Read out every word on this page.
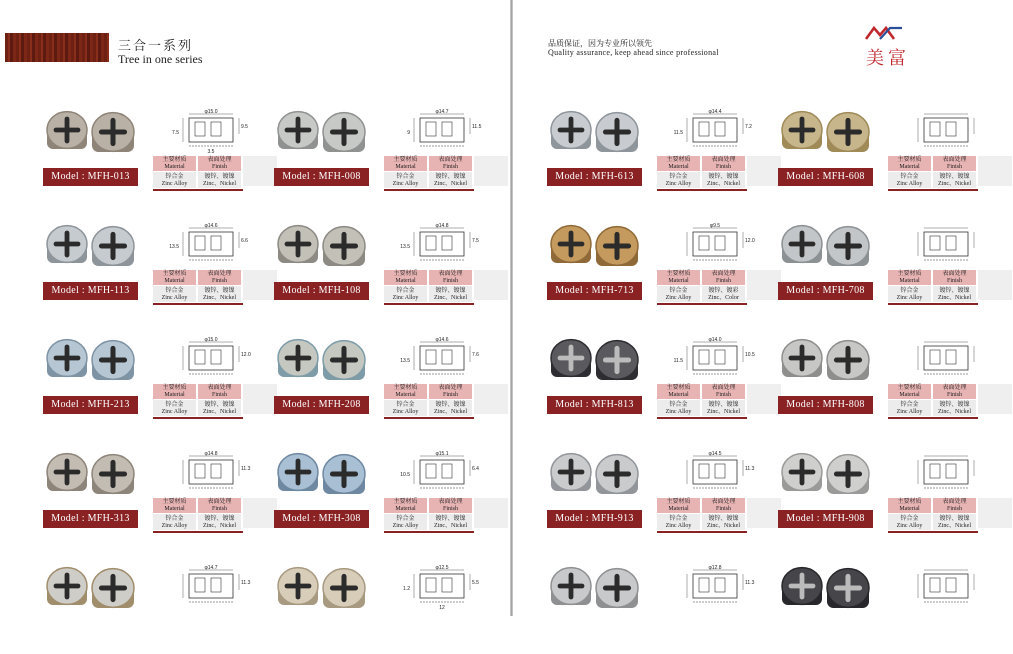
三合一系列
Tree in one series
品质保证，因为专业所以领先
Quality assurance, keep ahead since professional	美富
Model : MFH-013
φ15.0
9.5
7.5
3.5
主要材质
Material
表面处理
Finish
锌合金
Zinc Alloy
镀锌、镀镍
Zinc、Nickel
Model : MFH-008
φ14.7
11.5
9
主要材质
Material
表面处理
Finish
锌合金
Zinc Alloy
镀锌、镀镍
Zinc、Nickel
Model : MFH-613
φ14.4
7.2
11.5
主要材质
Material
表面处理
Finish
锌合金
Zinc Alloy
镀锌、镀镍
Zinc、Nickel
Model : MFH-608
主要材质
Material
表面处理
Finish
锌合金
Zinc Alloy
镀锌、镀镍
Zinc、Nickel
Model : MFH-113
φ14.6
6.6
13.5
主要材质
Material
表面处理
Finish
锌合金
Zinc Alloy
镀锌、镀镍
Zinc、Nickel
Model : MFH-108
φ14.8
7.5
13.5
主要材质
Material
表面处理
Finish
锌合金
Zinc Alloy
镀锌、镀镍
Zinc、Nickel
Model : MFH-713
φ9.5
12.0
主要材质
Material
表面处理
Finish
锌合金
Zinc Alloy
镀锌、镀彩
Zinc、Color
Model : MFH-708
主要材质
Material
表面处理
Finish
锌合金
Zinc Alloy
镀锌、镀镍
Zinc、Nickel
Model : MFH-213
φ15.0
12.0
主要材质
Material
表面处理
Finish
锌合金
Zinc Alloy
镀锌、镀镍
Zinc、Nickel
Model : MFH-208
φ14.6
7.6
13.5
主要材质
Material
表面处理
Finish
锌合金
Zinc Alloy
镀锌、镀镍
Zinc、Nickel
Model : MFH-813
φ14.0
10.5
11.5
主要材质
Material
表面处理
Finish
锌合金
Zinc Alloy
镀锌、镀镍
Zinc、Nickel
Model : MFH-808
主要材质
Material
表面处理
Finish
锌合金
Zinc Alloy
镀锌、镀镍
Zinc、Nickel
Model : MFH-313
φ14.8
11.3
主要材质
Material
表面处理
Finish
锌合金
Zinc Alloy
镀锌、镀镍
Zinc、Nickel
Model : MFH-308
φ15.1
6.4
10.5
主要材质
Material
表面处理
Finish
锌合金
Zinc Alloy
镀锌、镀镍
Zinc、Nickel
Model : MFH-913
φ14.5
11.3
主要材质
Material
表面处理
Finish
锌合金
Zinc Alloy
镀锌、镀镍
Zinc、Nickel
Model : MFH-908
主要材质
Material
表面处理
Finish
锌合金
Zinc Alloy
镀锌、镀镍
Zinc、Nickel
φ14.7
11.3
φ12.5
5.5
1.2
12
φ12.8
11.3
